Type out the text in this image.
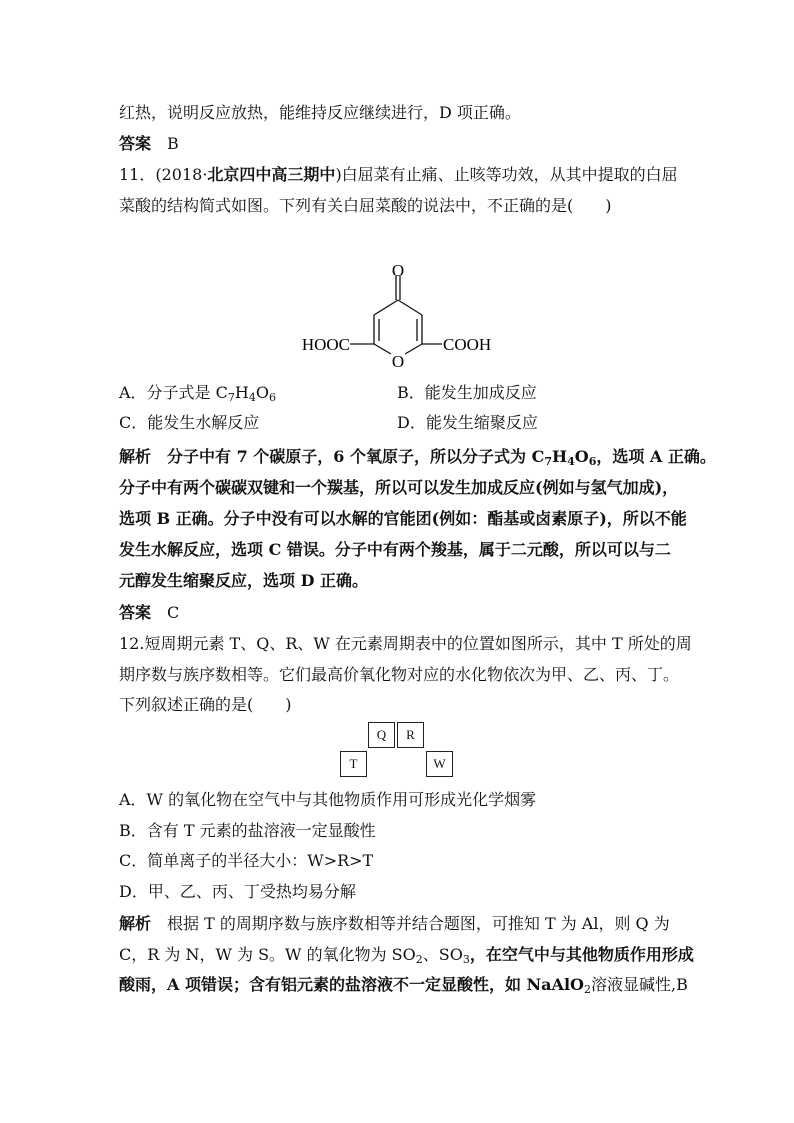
红热，说明反应放热，能维持反应继续进行，D 项正确。
答案 B
11．(2018·北京四中高三期中)白屈菜有止痛、止咳等功效，从其中提取的白屈
菜酸的结构简式如图。下列有关白屈菜酸的说法中，不正确的是(　　)
O
O
HOOC	COOH
A．分子式是 $C_7H_4O_6$	B．能发生加成反应
C．能发生水解反应	D．能发生缩聚反应
解析 分子中有 7 个碳原子，6 个氧原子，所以分子式为 $C_7H_4O_6$，选项 A 正确。
分子中有两个碳碳双键和一个羰基，所以可以发生加成反应(例如与氢气加成)，
选项 B 正确。分子中没有可以水解的官能团(例如：酯基或卤素原子)，所以不能
发生水解反应，选项 C 错误。分子中有两个羧基，属于二元酸，所以可以与二
元醇发生缩聚反应，选项 D 正确。
答案 C
12.短周期元素 T、Q、R、W 在元素周期表中的位置如图所示，其中 T 所处的周
期序数与族序数相等。它们最高价氧化物对应的水化物依次为甲、乙、丙、丁。
下列叙述正确的是(　　)
Q	R
T	W
A．W 的氧化物在空气中与其他物质作用可形成光化学烟雾
B．含有 T 元素的盐溶液一定显酸性
C．简单离子的半径大小：W>R>T
D．甲、乙、丙、丁受热均易分解
解析 根据 T 的周期序数与族序数相等并结合题图，可推知 T 为 Al，则 Q 为
C，R 为 N，W 为 S。W 的氧化物为 $SO_2$、$SO_3$，在空气中与其他物质作用形成
酸雨，A 项错误；含有铝元素的盐溶液不一定显酸性，如 NaAlO$_2$溶液显碱性,B
